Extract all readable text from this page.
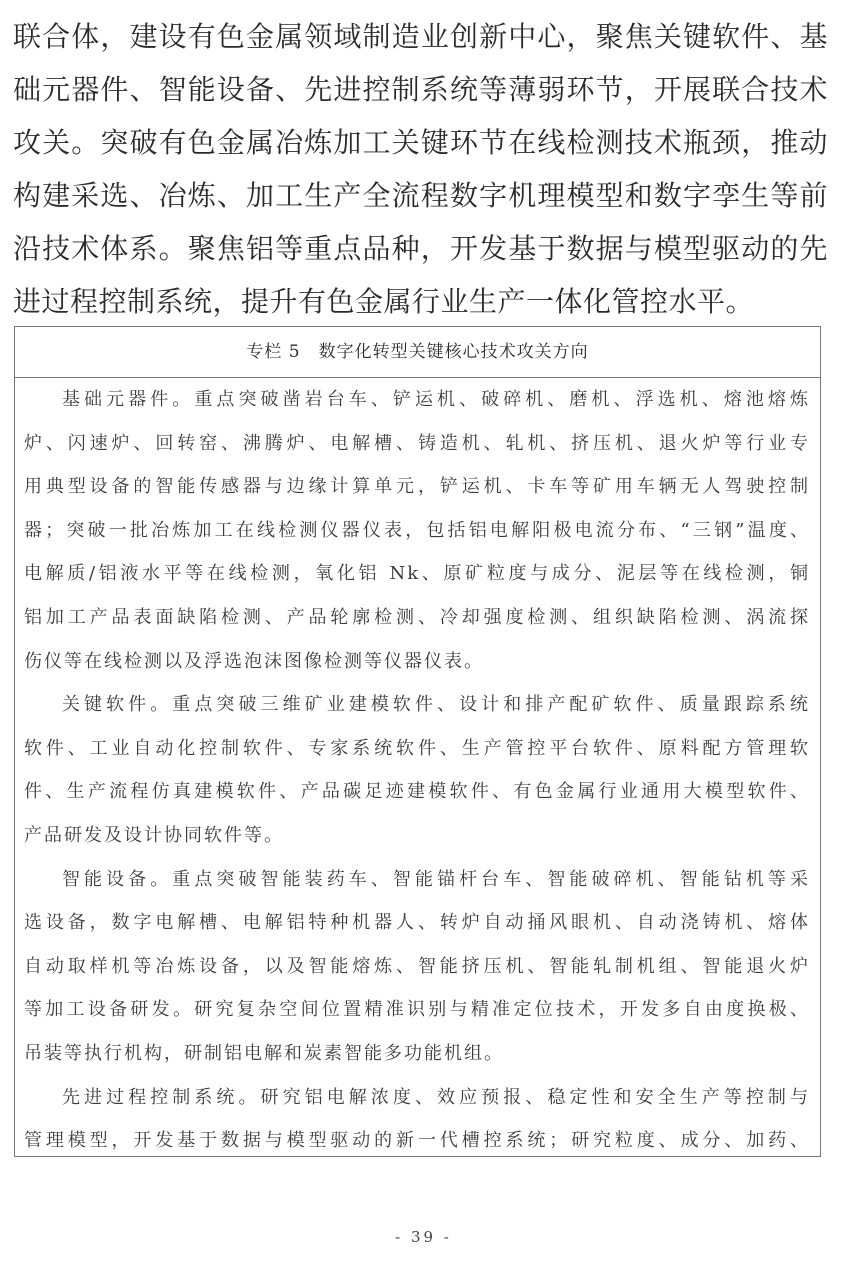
联合体，建设有色金属领域制造业创新中心，聚焦关键软件、基
础元器件、智能设备、先进控制系统等薄弱环节，开展联合技术
攻关。突破有色金属冶炼加工关键环节在线检测技术瓶颈，推动
构建采选、冶炼、加工生产全流程数字机理模型和数字孪生等前
沿技术体系。聚焦铝等重点品种，开发基于数据与模型驱动的先
进过程控制系统，提升有色金属行业生产一体化管控水平。
专栏 5　数字化转型关键核心技术攻关方向
基础元器件。重点突破凿岩台车、铲运机、破碎机、磨机、浮选机、熔池熔炼
炉、闪速炉、回转窑、沸腾炉、电解槽、铸造机、轧机、挤压机、退火炉等行业专
用典型设备的智能传感器与边缘计算单元，铲运机、卡车等矿用车辆无人驾驶控制
器；突破一批冶炼加工在线检测仪器仪表，包括铝电解阳极电流分布、“三钢”温度、
电解质/铝液水平等在线检测，氧化铝 Nk、原矿粒度与成分、泥层等在线检测，铜
铝加工产品表面缺陷检测、产品轮廓检测、冷却强度检测、组织缺陷检测、涡流探
伤仪等在线检测以及浮选泡沫图像检测等仪器仪表。
关键软件。重点突破三维矿业建模软件、设计和排产配矿软件、质量跟踪系统
软件、工业自动化控制软件、专家系统软件、生产管控平台软件、原料配方管理软
件、生产流程仿真建模软件、产品碳足迹建模软件、有色金属行业通用大模型软件、
产品研发及设计协同软件等。
智能设备。重点突破智能装药车、智能锚杆台车、智能破碎机、智能钻机等采
选设备，数字电解槽、电解铝特种机器人、转炉自动捅风眼机、自动浇铸机、熔体
自动取样机等冶炼设备，以及智能熔炼、智能挤压机、智能轧制机组、智能退火炉
等加工设备研发。研究复杂空间位置精准识别与精准定位技术，开发多自由度换极、
吊装等执行机构，研制铝电解和炭素智能多功能机组。
先进过程控制系统。研究铝电解浓度、效应预报、稳定性和安全生产等控制与
管理模型，开发基于数据与模型驱动的新一代槽控系统；研究粒度、成分、加药、
- 39 -
